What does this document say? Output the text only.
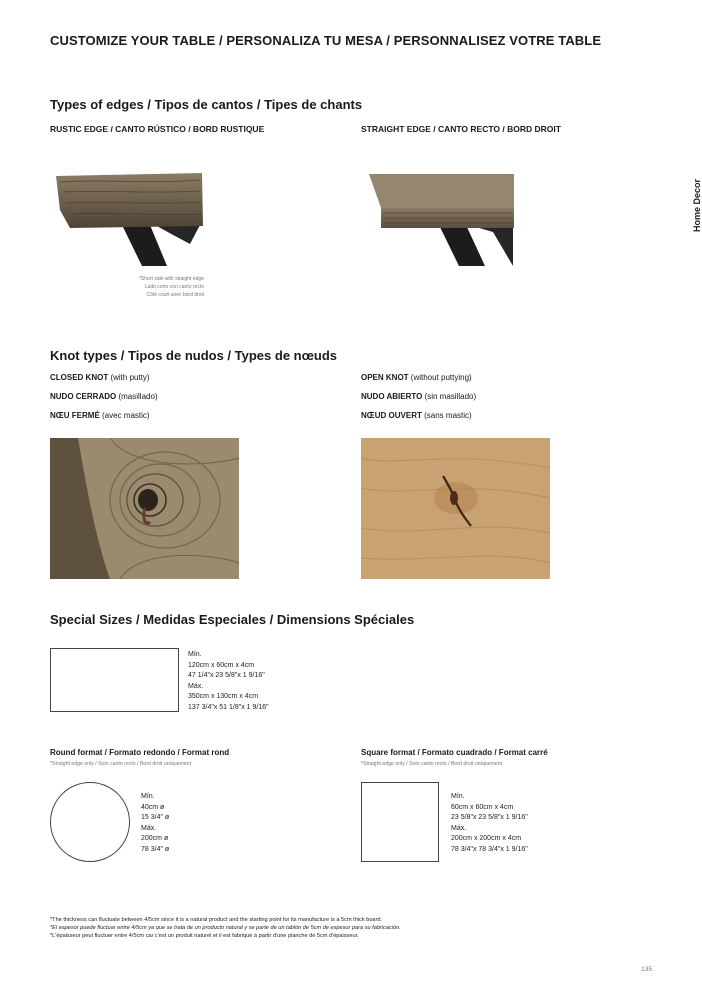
CUSTOMIZE YOUR TABLE / PERSONALIZA TU MESA / PERSONNALISEZ VOTRE TABLE
Home Decor
Types of edges / Tipos de cantos / Tipes de chants
RUSTIC EDGE / CANTO RÚSTICO / BORD RUSTIQUE	STRAIGHT EDGE / CANTO RECTO / BORD DROIT
*Short side with straight edge
Lado corto con canto recto
Côté court avec bord droit
Knot types / Tipos de nudos / Types de nœuds
CLOSED KNOT (with putty)
NUDO CERRADO (masillado)
NŒU FERMÉ (avec mastic)
OPEN KNOT (without puttying)
NUDO ABIERTO (sin masillado)
NŒUD OUVERT (sans mastic)
Special Sizes / Medidas Especiales / Dimensions Spéciales
Mín.
120cm x 60cm x 4cm
47 1/4"x 23 5/8"x 1 9/16"
Máx.
350cm x 130cm x 4cm
137 3/4"x 51 1/8"x 1 9/16"
Round format / Formato redondo / Format rond
*Straight edge only / Solo canto recto / Bord droit uniquement
Mín.
40cm ø
15 3/4" ø
Máx.
200cm ø
78 3/4" ø
Square format / Formato cuadrado / Format carré
*Straight edge only / Solo canto recto / Bord droit uniquement
Mín.
60cm x 60cm x 4cm
23 5/8"x 23 5/8"x 1 9/16"
Máx.
200cm x 200cm x 4cm
78 3/4"x 78 3/4"x 1 9/16"
*The thickness can fluctuate between 4/5cm since it is a natural product and the starting point for its manufacture is a 5cm thick board.
*El espesor puede fluctuar entre 4/5cm ya que se trata de un producto natural y se parte de un tablón de 5cm de espesor para su fabricación.
*L'épaisseur peut fluctuer entre 4/5cm car c'est un produit naturel et il est fabriqué à partir d'une planche de 5cm d'épaisseur.
135
